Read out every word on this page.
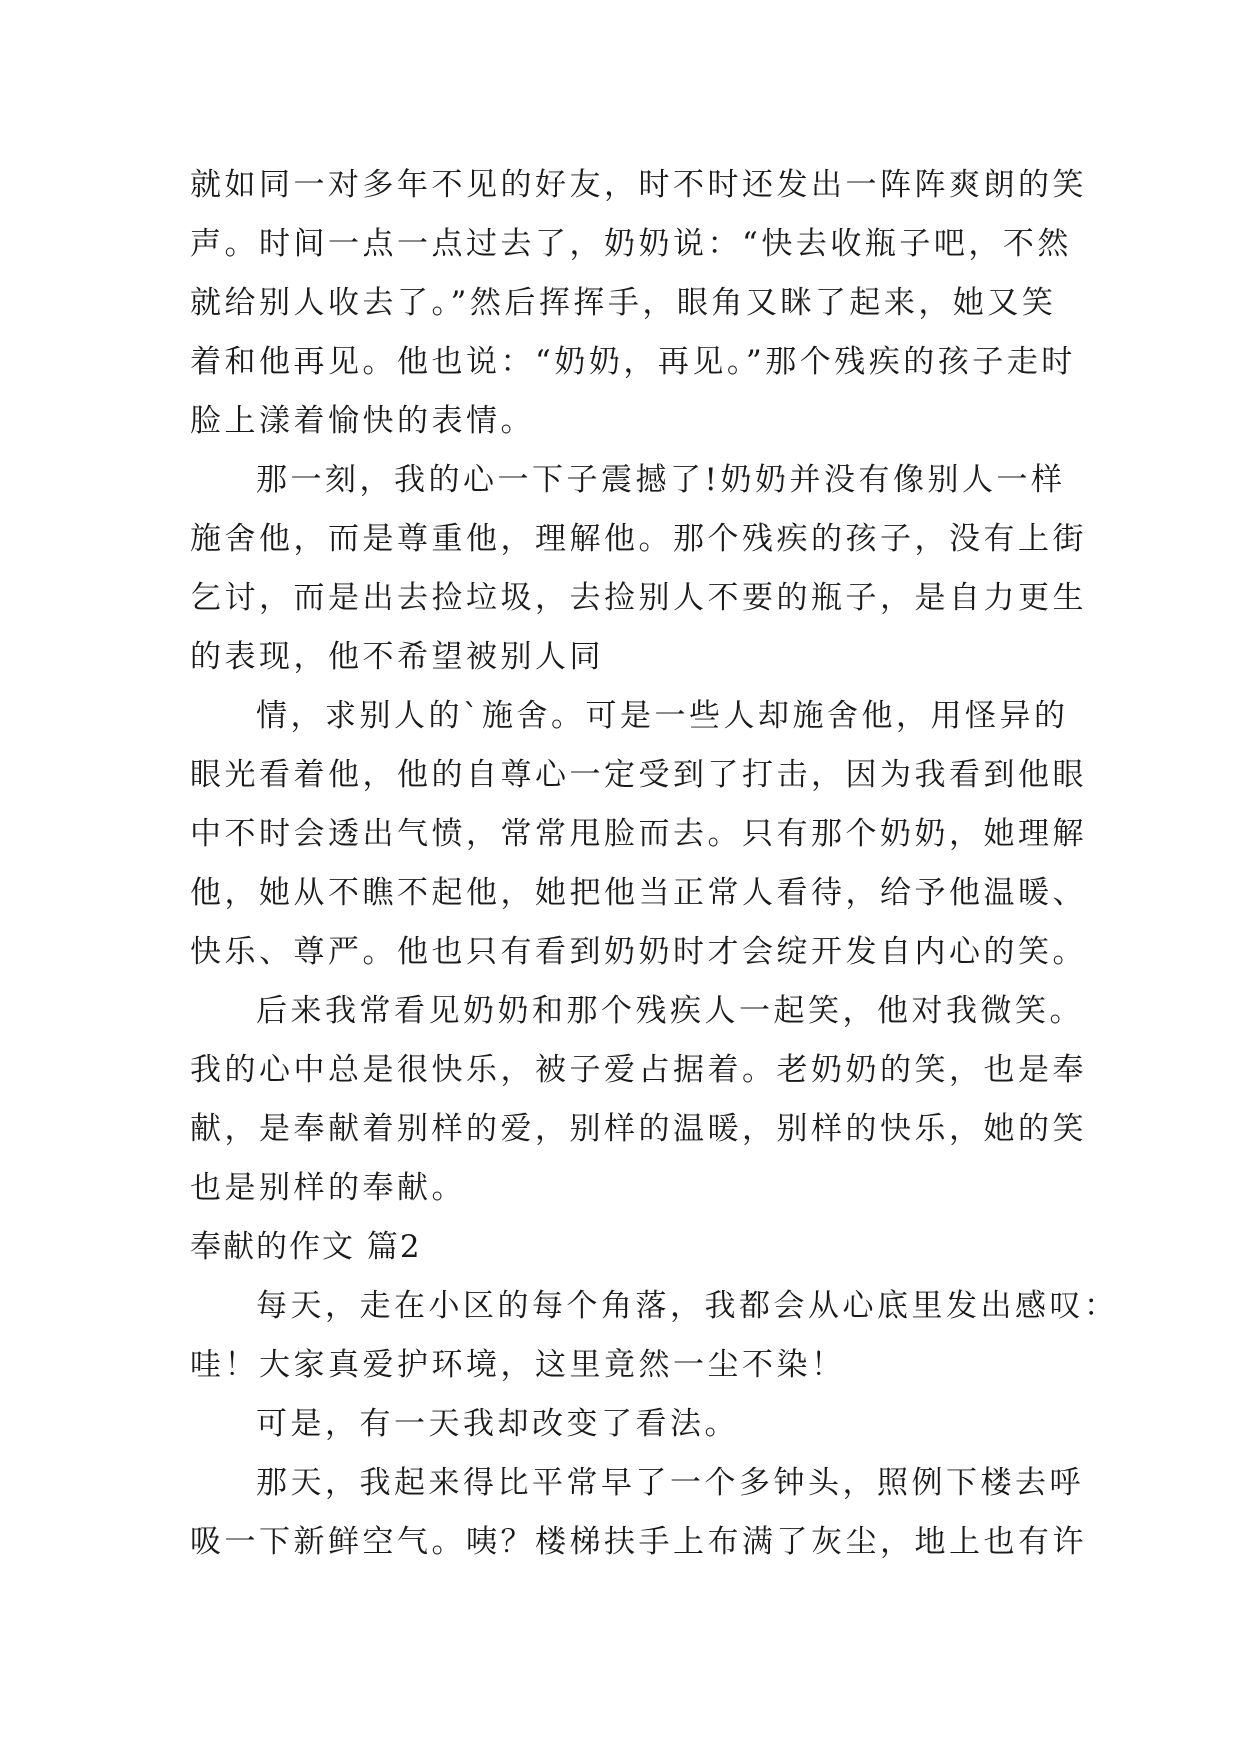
就如同一对多年不见的好友，时不时还发出一阵阵爽朗的笑
声。时间一点一点过去了，奶奶说：“快去收瓶子吧，不然
就给别人收去了。”然后挥挥手，眼角又眯了起来，她又笑
着和他再见。他也说：“奶奶，再见。”那个残疾的孩子走时
脸上漾着愉快的表情。
那一刻，我的心一下子震撼了!奶奶并没有像别人一样
施舍他，而是尊重他，理解他。那个残疾的孩子，没有上街
乞讨，而是出去捡垃圾，去捡别人不要的瓶子，是自力更生
的表现，他不希望被别人同
情，求别人的`施舍。可是一些人却施舍他，用怪异的
眼光看着他，他的自尊心一定受到了打击，因为我看到他眼
中不时会透出气愤，常常甩脸而去。只有那个奶奶，她理解
他，她从不瞧不起他，她把他当正常人看待，给予他温暖、
快乐、尊严。他也只有看到奶奶时才会绽开发自内心的笑。
后来我常看见奶奶和那个残疾人一起笑，他对我微笑。
我的心中总是很快乐，被子爱占据着。老奶奶的笑，也是奉
献，是奉献着别样的爱，别样的温暖，别样的快乐，她的笑
也是别样的奉献。
奉献的作文 篇2
每天，走在小区的每个角落，我都会从心底里发出感叹：
哇！大家真爱护环境，这里竟然一尘不染！
可是，有一天我却改变了看法。
那天，我起来得比平常早了一个多钟头，照例下楼去呼
吸一下新鲜空气。咦？楼梯扶手上布满了灰尘，地上也有许
